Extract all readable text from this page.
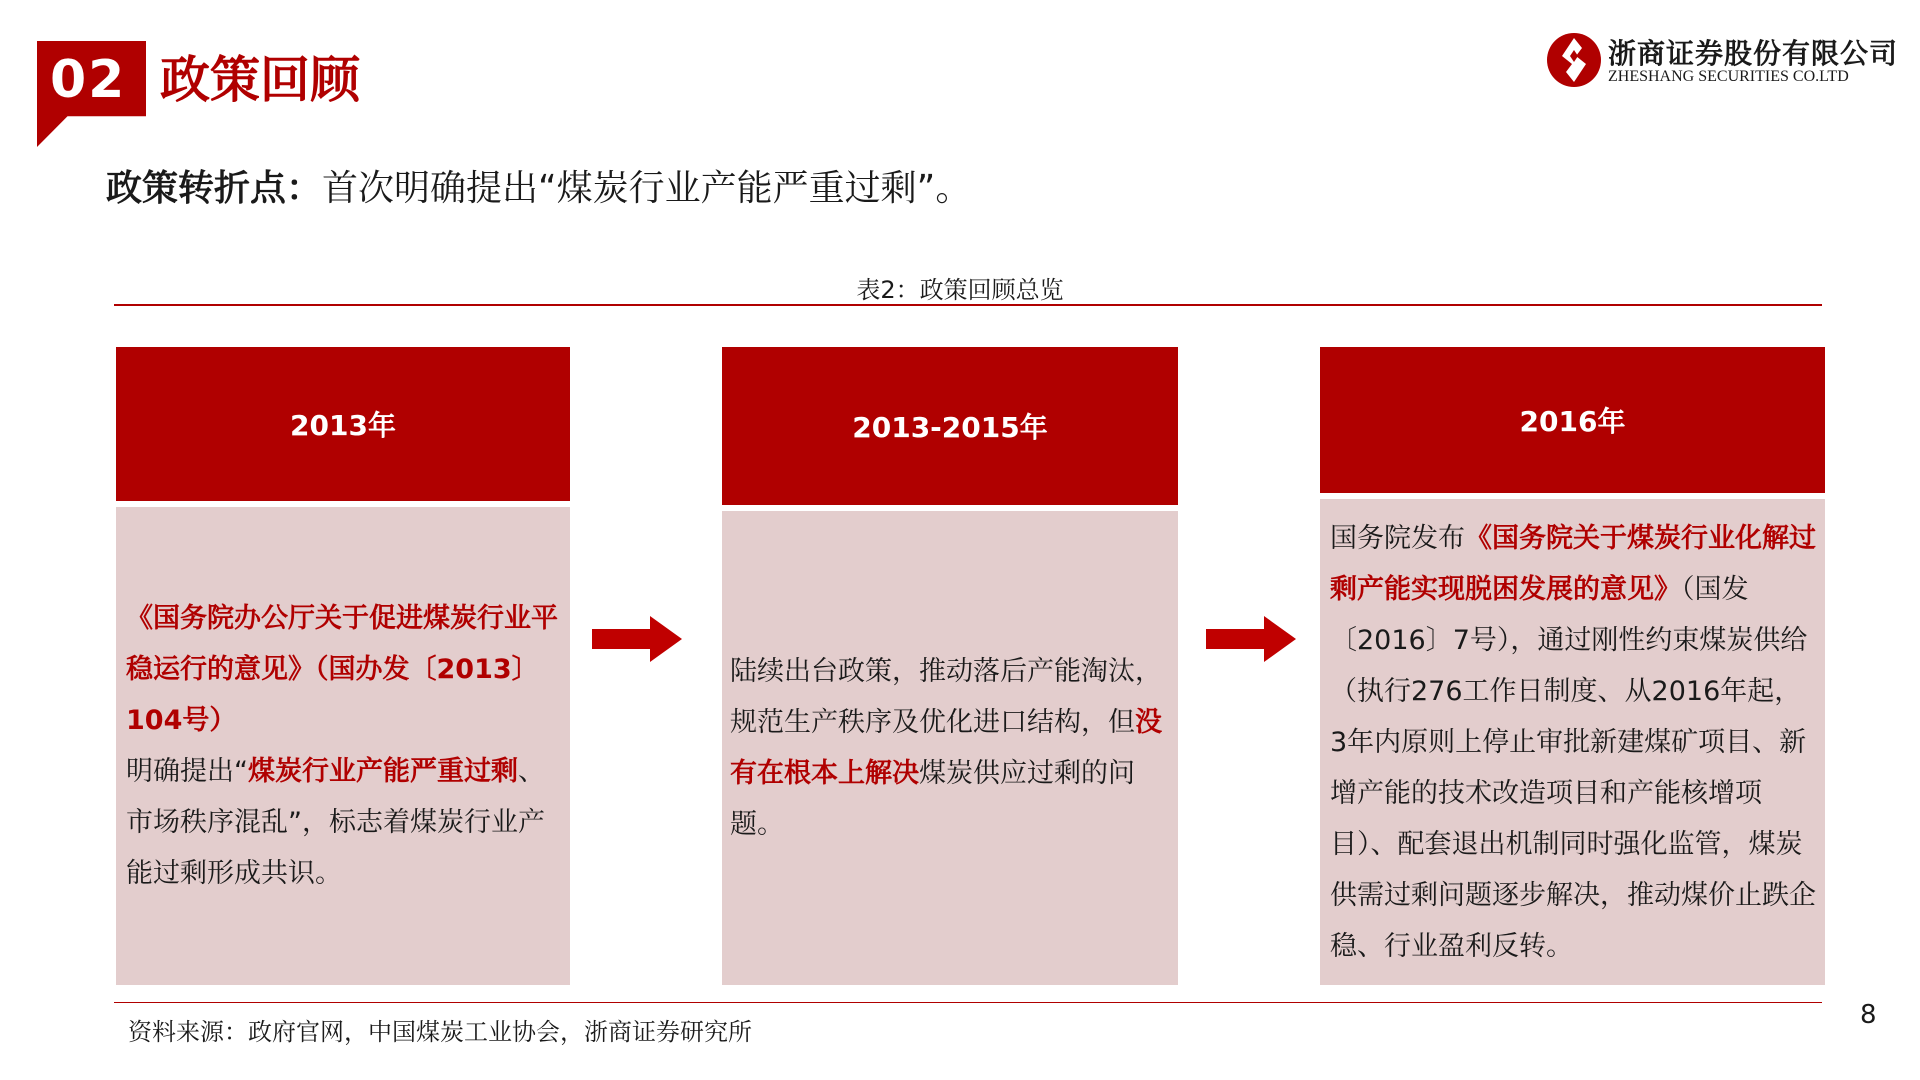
02 政策回顾	浙商证券股份有限公司
ZHESHANG SECURITIES CO.LTD
政策转折点：首次明确提出“煤炭行业产能严重过剩”。
表2：政策回顾总览
2013年
《国务院办公厅关于促进煤炭行业平稳运行的意见》（国办发〔2013〕104号）
明确提出“煤炭行业产能严重过剩、市场秩序混乱”，标志着煤炭行业产能过剩形成共识。
2013-2015年
陆续出台政策，推动落后产能淘汰，规范生产秩序及优化进口结构，但没有在根本上解决煤炭供应过剩的问题。
2016年
国务院发布《国务院关于煤炭行业化解过剩产能实现脱困发展的意见》（国发〔2016〕7号），通过刚性约束煤炭供给（执行276工作日制度、从2016年起，3年内原则上停止审批新建煤矿项目、新增产能的技术改造项目和产能核增项目）、配套退出机制同时强化监管，煤炭供需过剩问题逐步解决，推动煤价止跌企稳、行业盈利反转。
资料来源：政府官网，中国煤炭工业协会，浙商证券研究所
8
